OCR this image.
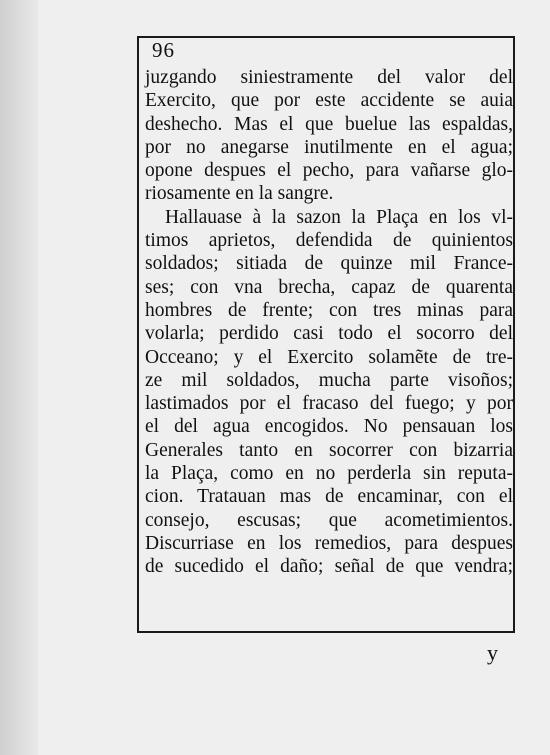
96
juzgando siniestramente del valor del
Exercito, que por este accidente se auia
deshecho. Mas el que buelue las espaldas,
por no anegarse inutilmente en el agua;
opone despues el pecho, para vañarse glo-
riosamente en la sangre.
Hallauase à la sazon la Plaça en los vl-
timos aprietos, defendida de quinientos
soldados; sitiada de quinze mil France-
ses; con vna brecha, capaz de quarenta
hombres de frente; con tres minas para
volarla; perdido casi todo el socorro del
Occeano; y el Exercito solamẽte de tre-
ze mil soldados, mucha parte visoños;
lastimados por el fracaso del fuego; y por
el del agua encogidos. No pensauan los
Generales tanto en socorrer con bizarria
la Plaça, como en no perderla sin reputa-
cion. Tratauan mas de encaminar, con el
consejo, escusas; que acometimientos.
Discurriase en los remedios, para despues
de sucedido el daño; señal de que vendra;
y
